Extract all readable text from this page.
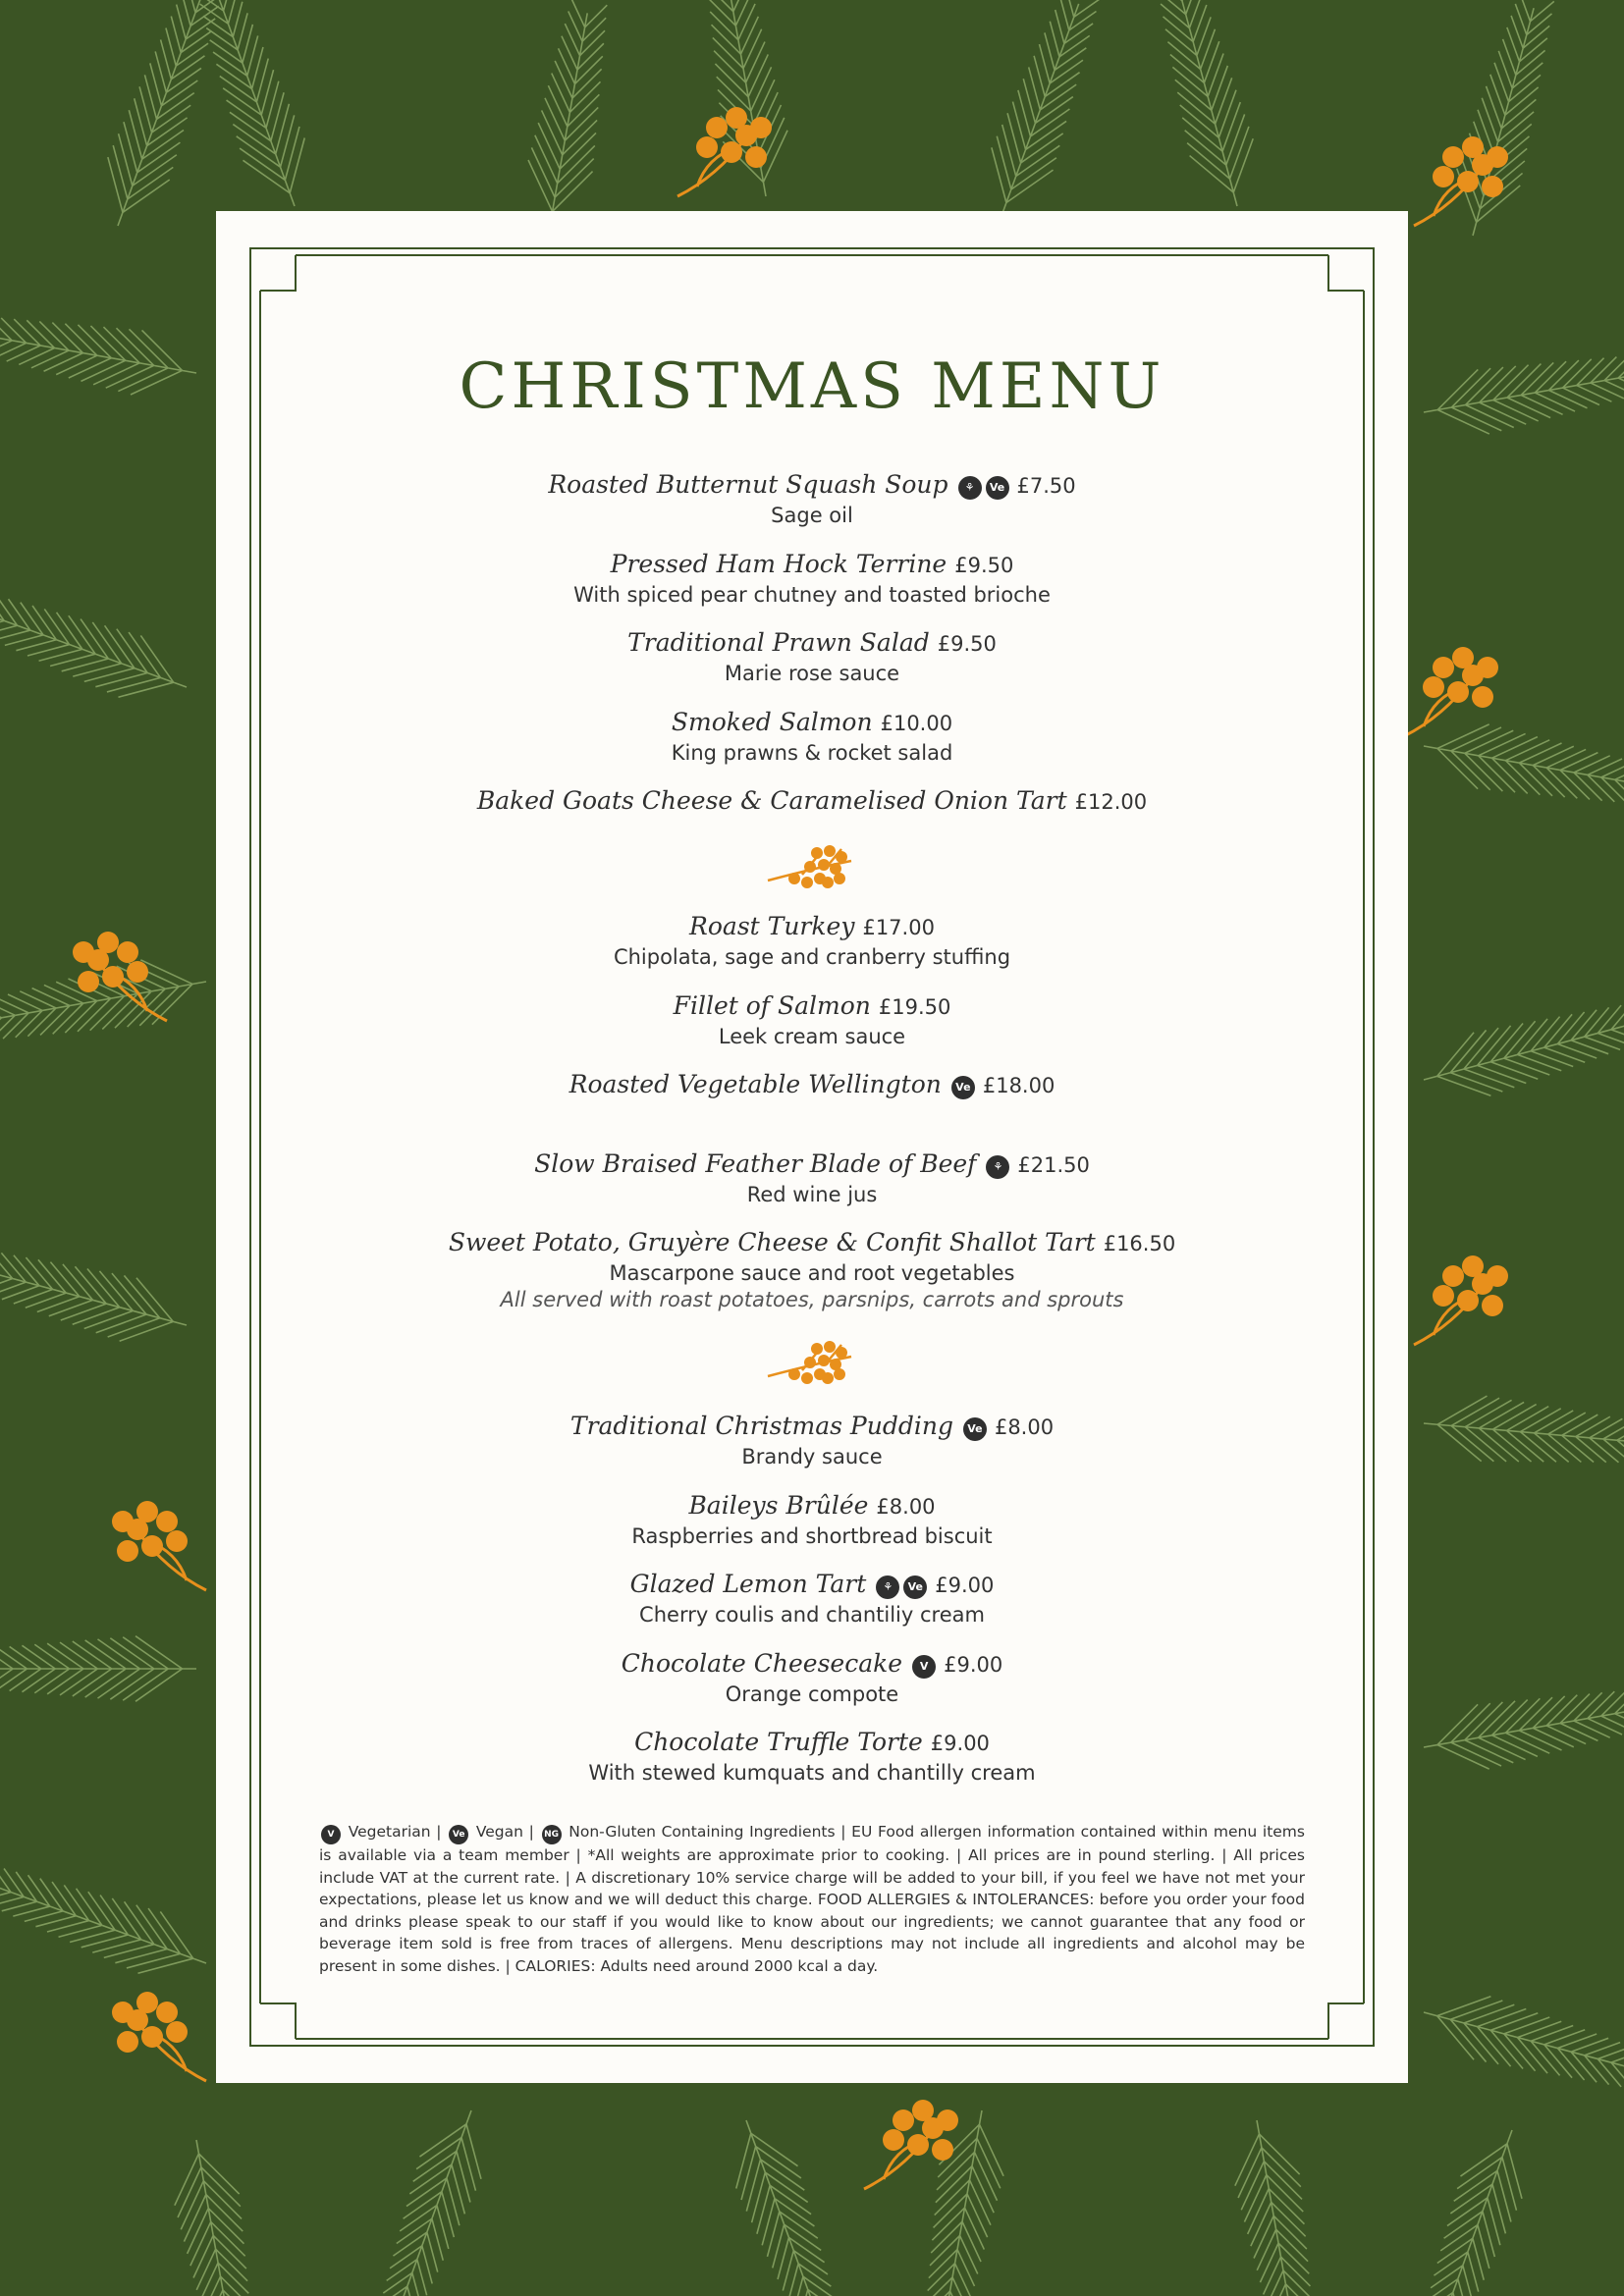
CHRISTMAS MENU
Roasted Butternut Squash Soup ⚘ Ve £7.50
Sage oil
Pressed Ham Hock Terrine £9.50
With spiced pear chutney and toasted brioche
Traditional Prawn Salad £9.50
Marie rose sauce
Smoked Salmon £10.00
King prawns & rocket salad
Baked Goats Cheese & Caramelised Onion Tart £12.00
Roast Turkey £17.00
Chipolata, sage and cranberry stuffing
Fillet of Salmon £19.50
Leek cream sauce
Roasted Vegetable Wellington Ve £18.00
Slow Braised Feather Blade of Beef ⚘ £21.50
Red wine jus
Sweet Potato, Gruyère Cheese & Confit Shallot Tart £16.50
Mascarpone sauce and root vegetables
All served with roast potatoes, parsnips, carrots and sprouts
Traditional Christmas Pudding Ve £8.00
Brandy sauce
Baileys Brûlée £8.00
Raspberries and shortbread biscuit
Glazed Lemon Tart ⚘ Ve £9.00
Cherry coulis and chantiliy cream
Chocolate Cheesecake V £9.00
Orange compote
Chocolate Truffle Torte £9.00
With stewed kumquats and chantilly cream
V Vegetarian | Ve Vegan | NG Non-Gluten Containing Ingredients | EU Food allergen information contained within menu items is available via a team member | *All weights are approximate prior to cooking. | All prices are in pound sterling. | All prices include VAT at the current rate. | A discretionary 10% service charge will be added to your bill, if you feel we have not met your expectations, please let us know and we will deduct this charge. FOOD ALLERGIES & INTOLERANCES: before you order your food and drinks please speak to our staff if you would like to know about our ingredients; we cannot guarantee that any food or beverage item sold is free from traces of allergens. Menu descriptions may not include all ingredients and alcohol may be present in some dishes. | CALORIES: Adults need around 2000 kcal a day.
